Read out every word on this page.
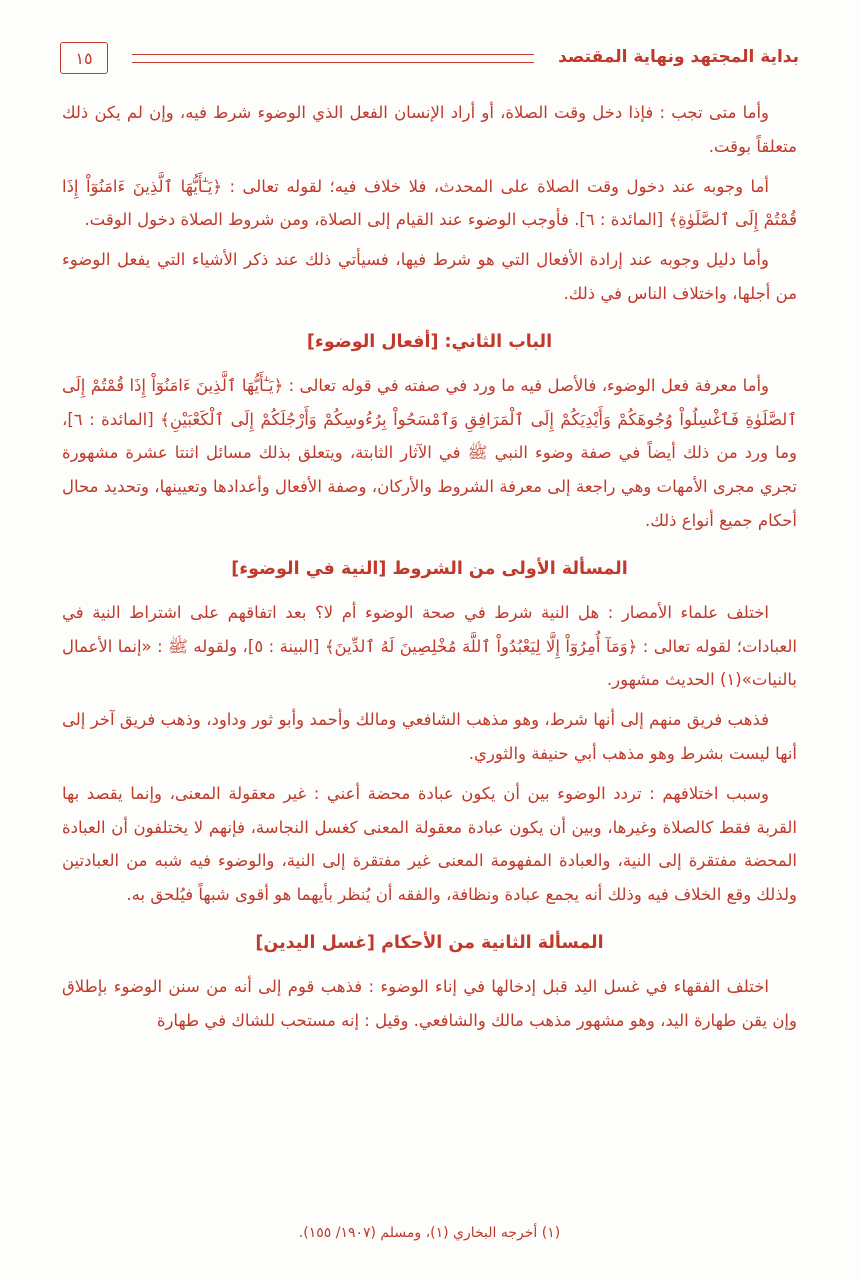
بداية المجتهد ونهاية المقتصد
١٥

وأما متى تجب : فإذا دخل وقت الصلاة، أو أراد الإنسان الفعل الذي الوضوء شرط فيه، وإن لم يكن ذلك متعلقاً بوقت.

أما وجوبه عند دخول وقت الصلاة على المحدث، فلا خلاف فيه؛ لقوله تعالى : ﴿يَـٰٓأَيُّهَا ٱلَّذِينَ ءَامَنُوٓاْ إِذَا قُمْتُمْ إِلَى ٱلصَّلَوٰةِ﴾ [المائدة : ٦]. فأوجب الوضوء عند القيام إلى الصلاة، ومن شروط الصلاة دخول الوقت.

وأما دليل وجوبه عند إرادة الأفعال التي هو شرط فيها، فسيأتي ذلك عند ذكر الأشياء التي يفعل الوضوء من أجلها، واختلاف الناس في ذلك.

الباب الثاني: [أفعال الوضوء]

وأما معرفة فعل الوضوء، فالأصل فيه ما ورد في صفته في قوله تعالى : ﴿يَـٰٓأَيُّهَا ٱلَّذِينَ ءَامَنُوٓاْ إِذَا قُمْتُمْ إِلَى ٱلصَّلَوٰةِ فَٱغْسِلُواْ وُجُوهَكُمْ وَأَيْدِيَكُمْ إِلَى ٱلْمَرَافِقِ وَٱمْسَحُواْ بِرُءُوسِكُمْ وَأَرْجُلَكُمْ إِلَى ٱلْكَعْبَيْنِ﴾ [المائدة : ٦]، وما ورد من ذلك أيضاً في صفة وضوء النبي ﷺ في الآثار الثابتة، ويتعلق بذلك مسائل اثنتا عشرة مشهورة تجري مجرى الأمهات وهي راجعة إلى معرفة الشروط والأركان، وصفة الأفعال وأعدادها وتعيينها، وتحديد محال أحكام جميع أنواع ذلك.

المسألة الأولى من الشروط [النية في الوضوء]

اختلف علماء الأمصار : هل النية شرط في صحة الوضوء أم لا؟ بعد اتفاقهم على اشتراط النية في العبادات؛ لقوله تعالى : ﴿وَمَآ أُمِرُوٓاْ إِلَّا لِيَعْبُدُواْ ٱللَّهَ مُخْلِصِينَ لَهُ ٱلدِّينَ﴾ [البينة : ٥]، ولقوله ﷺ : «إنما الأعمال بالنيات»(١) الحديث مشهور.

فذهب فريق منهم إلى أنها شرط، وهو مذهب الشافعي ومالك وأحمد وأبو ثور وداود، وذهب فريق آخر إلى أنها ليست بشرط وهو مذهب أبي حنيفة والثوري.

وسبب اختلافهم : تردد الوضوء بين أن يكون عبادة محضة أعني : غير معقولة المعنى، وإنما يقصد بها القربة فقط كالصلاة وغيرها، وبين أن يكون عبادة معقولة المعنى كغسل النجاسة، فإنهم لا يختلفون أن العبادة المحضة مفتقرة إلى النية، والعبادة المفهومة المعنى غير مفتقرة إلى النية، والوضوء فيه شبه من العبادتين ولذلك وقع الخلاف فيه وذلك أنه يجمع عبادة ونظافة، والفقه أن يُنظر بأيهما هو أقوى شبهاً فيُلحق به.

المسألة الثانية من الأحكام [غسل اليدين]

اختلف الفقهاء في غسل اليد قبل إدخالها في إناء الوضوء : فذهب قوم إلى أنه من سنن الوضوء بإطلاق وإن يقن طهارة اليد، وهو مشهور مذهب مالك والشافعي. وقيل : إنه مستحب للشاك في طهارة

(١) أخرجه البخاري (١)، ومسلم (١٩٠٧/ ١٥٥).
